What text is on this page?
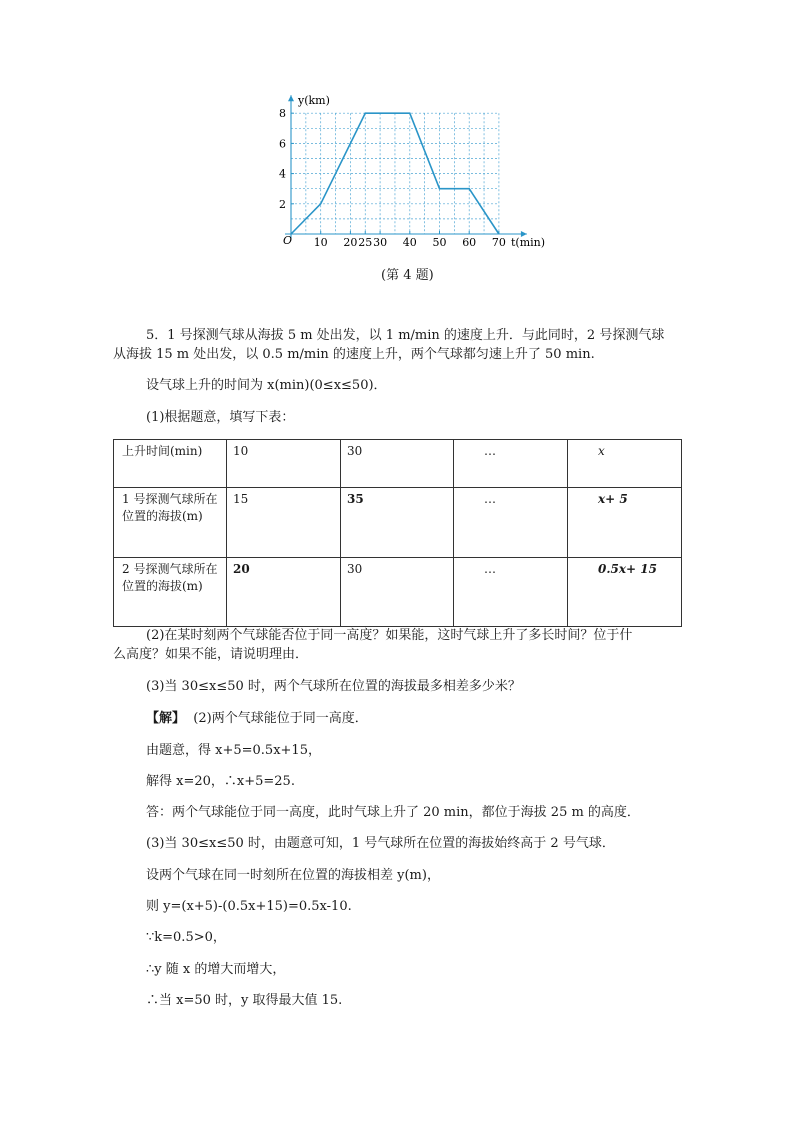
10 20 25 30 40 50 60 70
2
4
6
8
y(km)
t(min)
O
(第 4 题)
5．1 号探测气球从海拔 5 m 处出发，以 1 m/min 的速度上升．与此同时，2 号探测气球
从海拔 15 m 处出发，以 0.5 m/min 的速度上升，两个气球都匀速上升了 50 min.
设气球上升的时间为 x(min)(0≤x≤50)．
(1)根据题意，填写下表：
上升时间(min)	10	30	…	x
1 号探测气球所在位置的海拔(m)	15	35	…	x+ 5
2 号探测气球所在位置的海拔(m)	20	30	…	0.5x+ 15
(2)在某时刻两个气球能否位于同一高度？如果能，这时气球上升了多长时间？位于什
么高度？如果不能，请说明理由．
(3)当 30≤x≤50 时，两个气球所在位置的海拔最多相差多少米？
【解】 (2)两个气球能位于同一高度．
由题意，得 x+5=0.5x+15，
解得 x=20，∴x+5=25.
答：两个气球能位于同一高度，此时气球上升了 20 min，都位于海拔 25 m 的高度．
(3)当 30≤x≤50 时，由题意可知，1 号气球所在位置的海拔始终高于 2 号气球．
设两个气球在同一时刻所在位置的海拔相差 y(m)，
则 y=(x+5)-(0.5x+15)=0.5x-10.
∵k=0.5>0，
∴y 随 x 的增大而增大，
∴当 x=50 时，y 取得最大值 15.
